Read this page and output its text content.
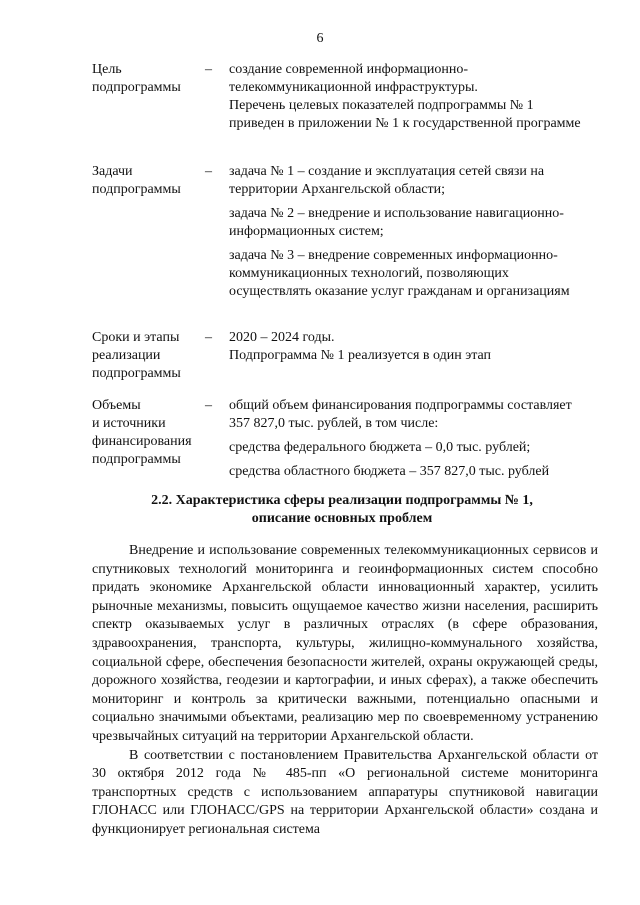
6
Цель
подпрограммы
–	создание современной информационно-телекоммуникационной инфраструктуры.

Перечень целевых показателей подпрограммы № 1 приведен в приложении № 1 к государственной программе

Задачи
подпрограммы
–	задача № 1 – создание и эксплуатация сетей связи на территории Архангельской области;

задача № 2 – внедрение и использование навигационно-информационных систем;

задача № 3 – внедрение современных информационно-коммуникационных технологий, позволяющих осуществлять оказание услуг гражданам и организациям

Сроки и этапы
реализации
подпрограммы
–	2020 – 2024 годы.

Подпрограмма № 1 реализуется в один этап

Объемы
и источники
финансирования
подпрограммы
–	общий объем финансирования подпрограммы составляет 357 827,0 тыс. рублей, в том числе:

средства федерального бюджета – 0,0 тыс. рублей;

средства областного бюджета – 357 827,0 тыс. рублей

2.2. Характеристика сферы реализации подпрограммы № 1,
описание основных проблем

Внедрение и использование современных телекоммуникационных сервисов и спутниковых технологий мониторинга и геоинформационных систем способно придать экономике Архангельской области инновационный характер, усилить рыночные механизмы, повысить ощущаемое качество жизни населения, расширить спектр оказываемых услуг в различных отраслях (в сфере образования, здравоохранения, транспорта, культуры, жилищно-коммунального хозяйства, социальной сфере, обеспечения безопасности жителей, охраны окружающей среды, дорожного хозяйства, геодезии и картографии, и иных сферах), а также обеспечить мониторинг и контроль за критически важными, потенциально опасными и социально значимыми объектами, реализацию мер по своевременному устранению чрезвычайных ситуаций на территории Архангельской области.

В соответствии с постановлением Правительства Архангельской области от 30 октября 2012 года № 485-пп «О региональной системе мониторинга транспортных средств с использованием аппаратуры спутниковой навигации ГЛОНАСС или ГЛОНАСС/GPS на территории Архангельской области» создана и функционирует региональная система
